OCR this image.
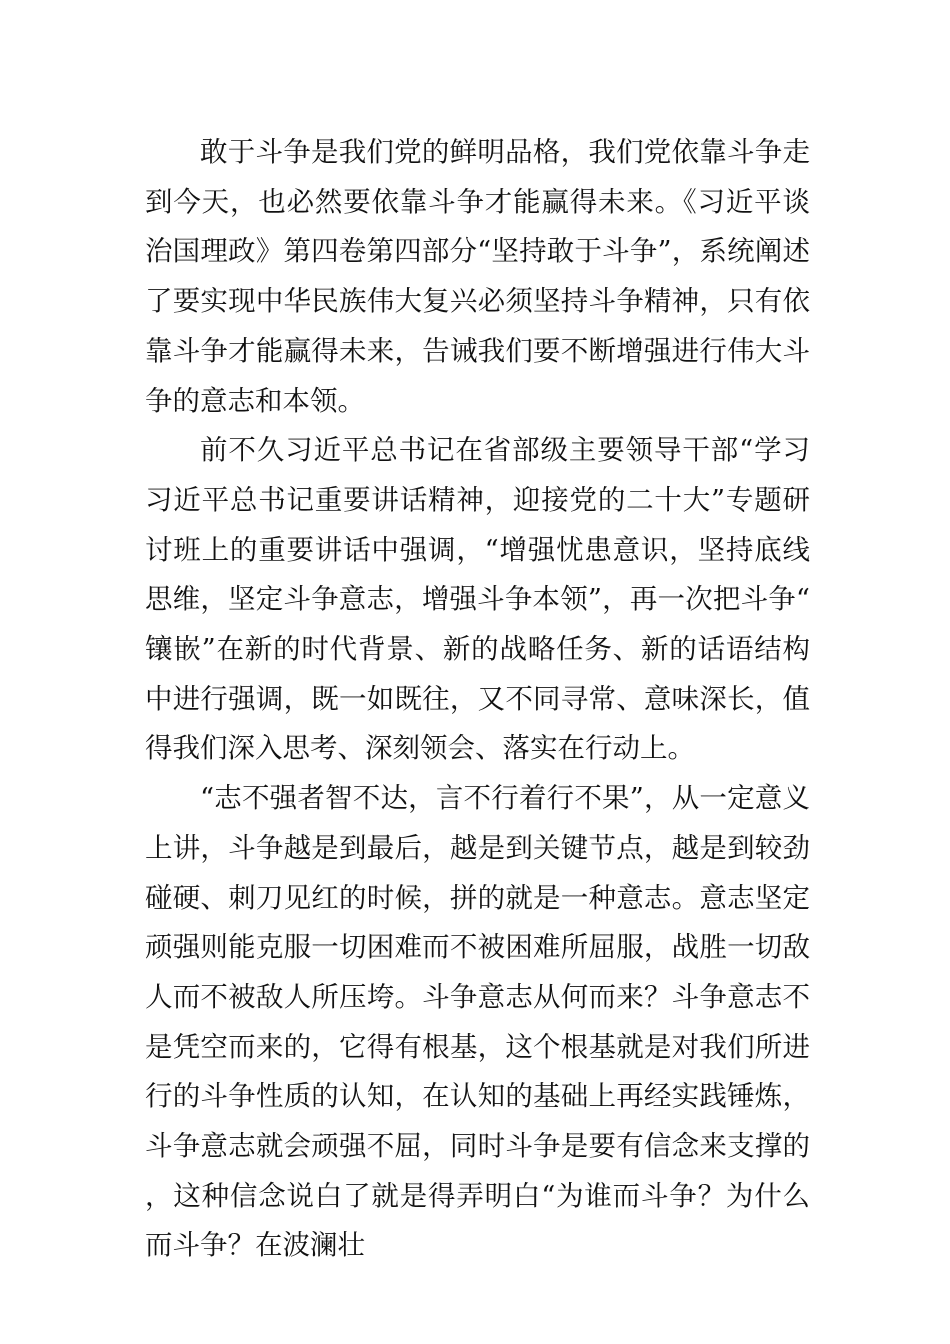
敢于斗争是我们党的鲜明品格，我们党依靠斗争走到今天，也必然要依靠斗争才能赢得未来。《习近平谈治国理政》第四卷第四部分“坚持敢于斗争”，系统阐述了要实现中华民族伟大复兴必须坚持斗争精神，只有依靠斗争才能赢得未来，告诫我们要不断增强进行伟大斗争的意志和本领。

前不久习近平总书记在省部级主要领导干部“学习习近平总书记重要讲话精神，迎接党的二十大”专题研讨班上的重要讲话中强调，“增强忧患意识，坚持底线思维，坚定斗争意志，增强斗争本领”，再一次把斗争“镶嵌”在新的时代背景、新的战略任务、新的话语结构中进行强调，既一如既往，又不同寻常、意味深长，值得我们深入思考、深刻领会、落实在行动上。

“志不强者智不达，言不行着行不果”，从一定意义上讲，斗争越是到最后，越是到关键节点，越是到较劲碰硬、刺刀见红的时候，拼的就是一种意志。意志坚定顽强则能克服一切困难而不被困难所屈服，战胜一切敌人而不被敌人所压垮。斗争意志从何而来？斗争意志不是凭空而来的，它得有根基，这个根基就是对我们所进行的斗争性质的认知，在认知的基础上再经实践锤炼，斗争意志就会顽强不屈，同时斗争是要有信念来支撑的，这种信念说白了就是得弄明白“为谁而斗争？为什么而斗争？在波澜壮
